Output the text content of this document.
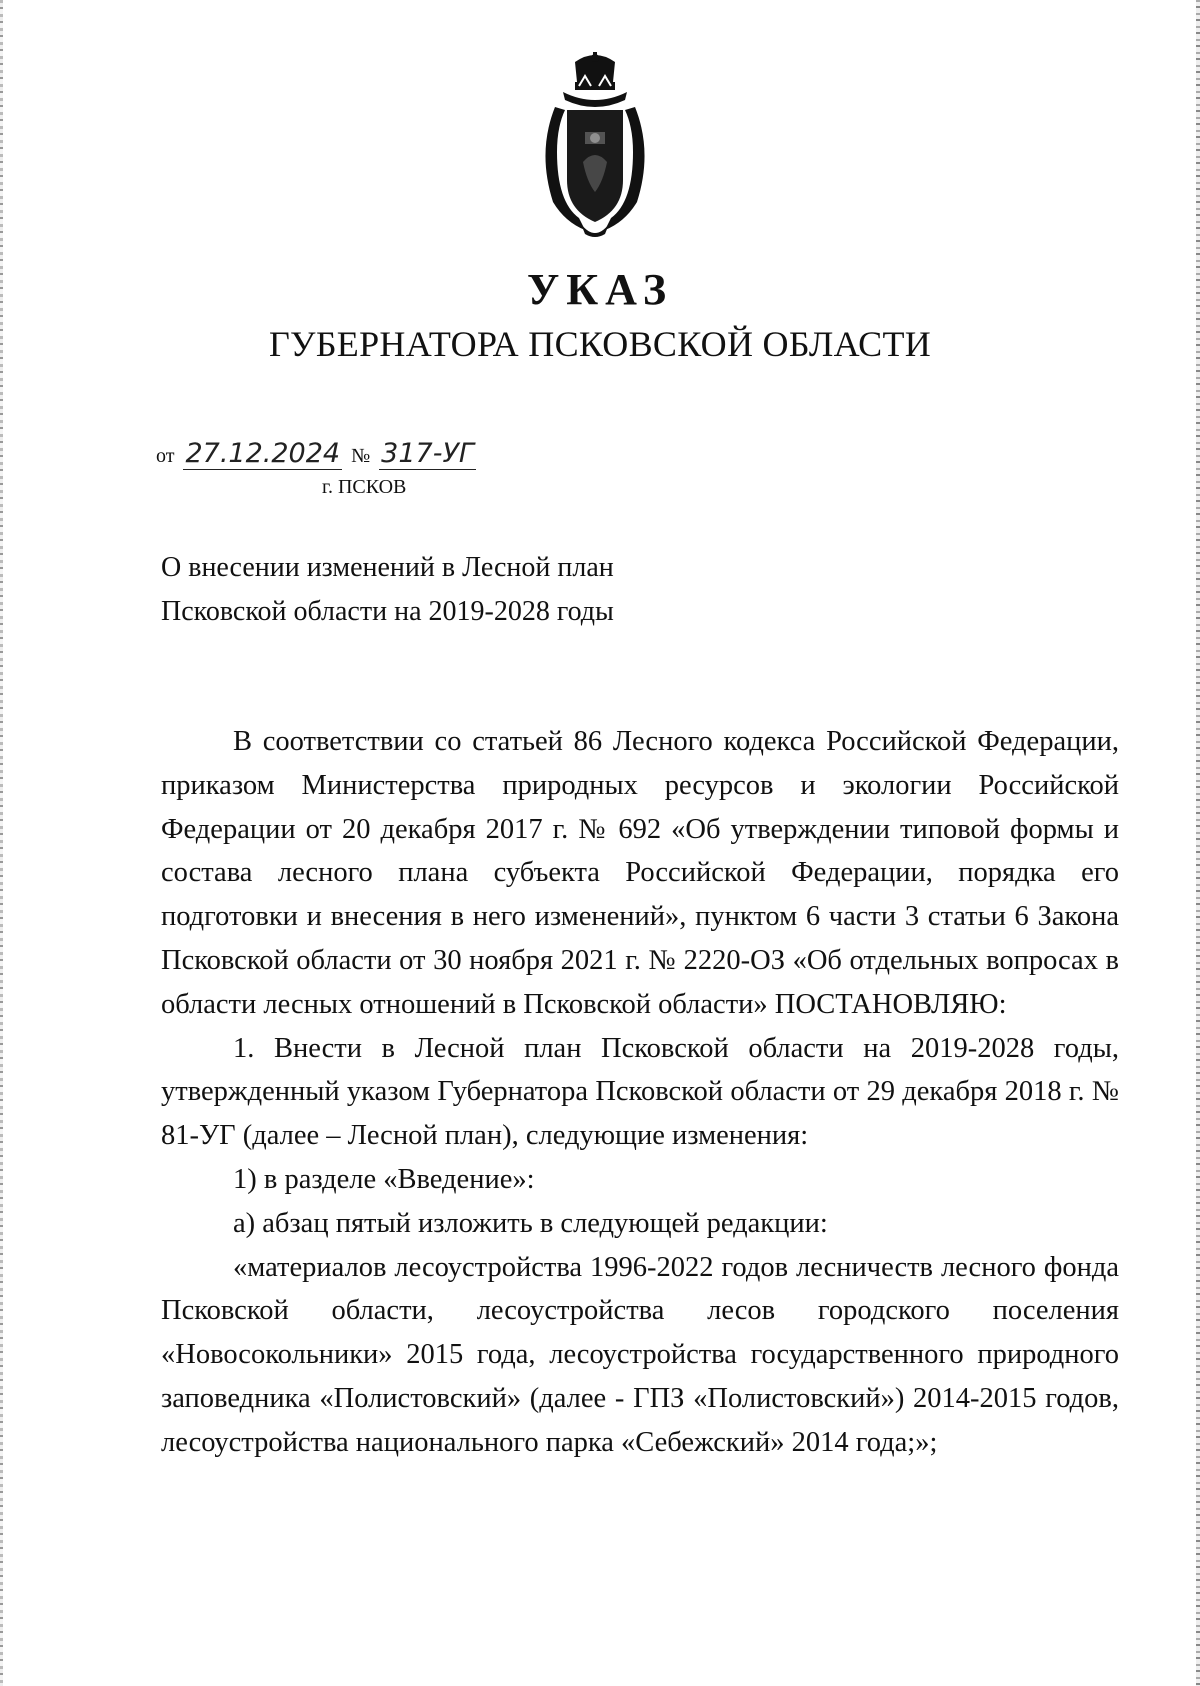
УКАЗ
ГУБЕРНАТОРА ПСКОВСКОЙ ОБЛАСТИ
от 27.12.2024 № 317-УГ
г. ПСКОВ
О внесении изменений в Лесной план
Псковской области на 2019-2028 годы

В соответствии со статьей 86 Лесного кодекса Российской Федерации, приказом Министерства природных ресурсов и экологии Российской Федерации от 20 декабря 2017 г. № 692 «Об утверждении типовой формы и состава лесного плана субъекта Российской Федерации, порядка его подготовки и внесения в него изменений», пунктом 6 части 3 статьи 6 Закона Псковской области от 30 ноября 2021 г. № 2220-ОЗ «Об отдельных вопросах в области лесных отношений в Псковской области» ПОСТАНОВЛЯЮ:

1. Внести в Лесной план Псковской области на 2019-2028 годы, утвержденный указом Губернатора Псковской области от 29 декабря 2018 г. № 81-УГ (далее – Лесной план), следующие изменения:

1) в разделе «Введение»:

а) абзац пятый изложить в следующей редакции:

«материалов лесоустройства 1996-2022 годов лесничеств лесного фонда Псковской области, лесоустройства лесов городского поселения «Новосокольники» 2015 года, лесоустройства государственного природного заповедника «Полистовский» (далее - ГПЗ «Полистовский») 2014-2015 годов, лесоустройства национального парка «Себежский» 2014 года;»;
